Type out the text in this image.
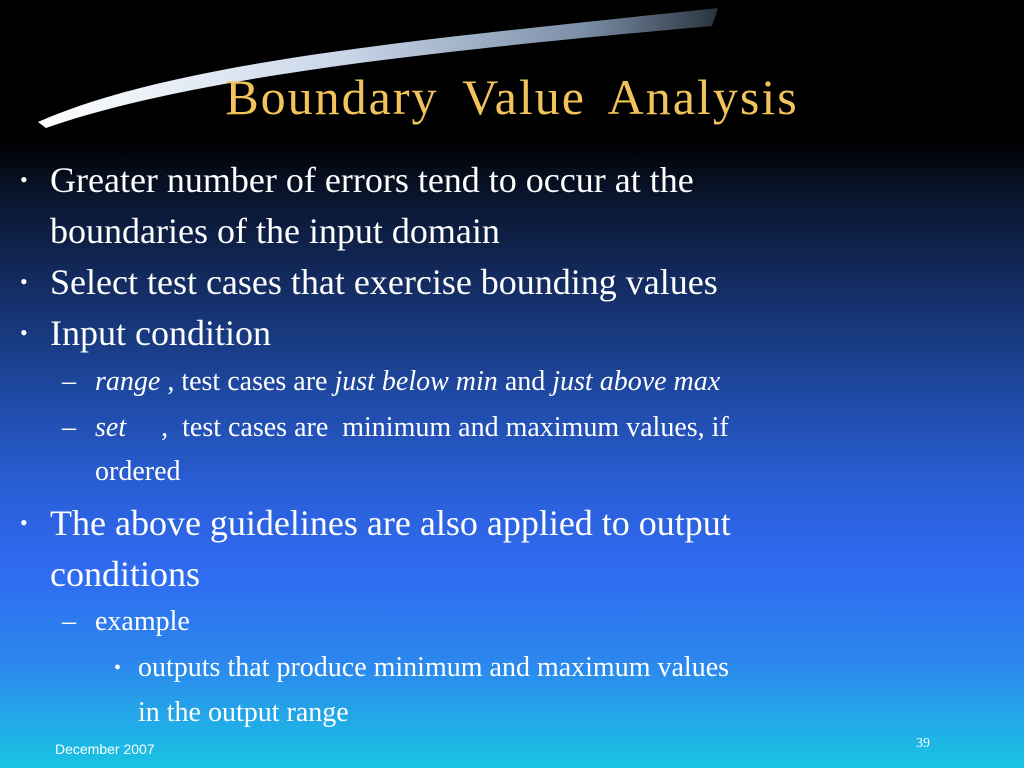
Boundary Value Analysis
• Greater number of errors tend to occur at the
boundaries of the input domain
• Select test cases that exercise bounding values
• Input condition
– range , test cases are just below min and just above max
– set     ,  test cases are  minimum and maximum values, if
ordered
• The above guidelines are also applied to output
conditions
– example
• outputs that produce minimum and maximum values
in the output range
December 2007	39
